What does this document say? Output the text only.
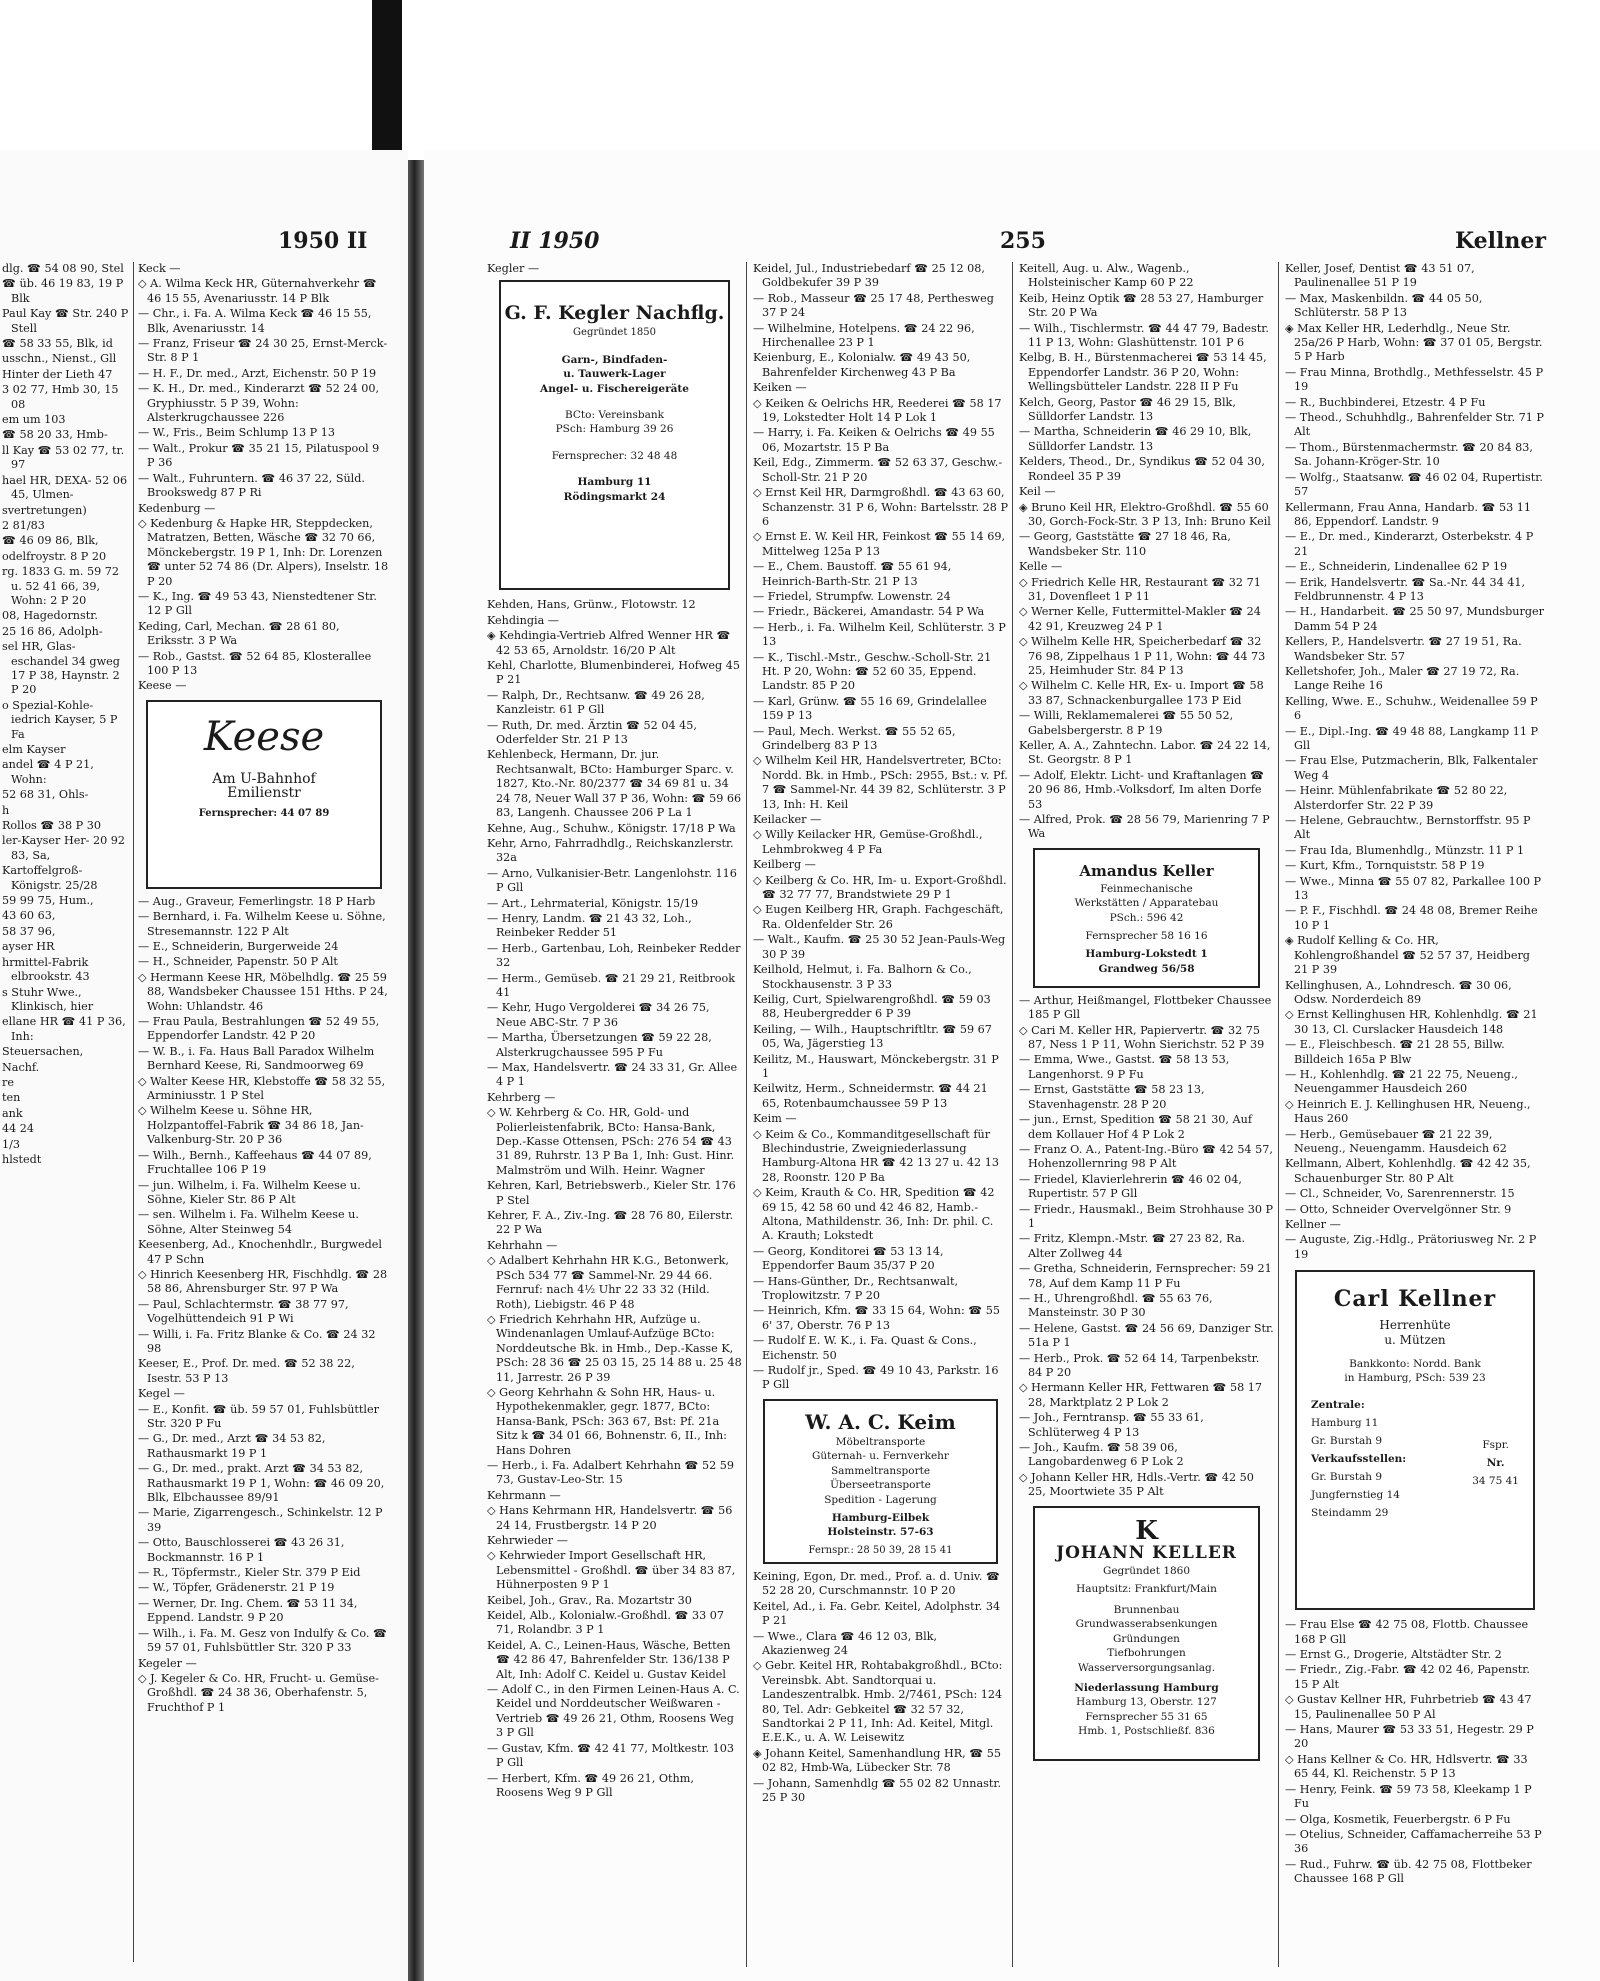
1950 II
dlg. ☎ 54 08 90, Stel
☎ üb. 46 19 83, 19 P Blk
Paul Kay ☎ Str. 240 P Stell
☎ 58 33 55, Blk, id
usschn., Nienst., Gll
Hinter der Lieth 47
3 02 77, Hmb 30, 15 08
em um 103
☎ 58 20 33, Hmb-
ll Kay ☎ 53 02 77, tr. 97
hael HR, DEXA- 52 06 45, Ulmen-
svertretungen)
2 81/83
☎ 46 09 86, Blk,
odelfroystr. 8 P 20
rg. 1833 G. m. 59 72 u. 52 41 66, 39, Wohn: 2 P 20
08, Hagedornstr.
25 16 86, Adolph-
sel HR, Glas- eschandel 34 gweg 17 P 38, Haynstr. 2 P 20
o Spezial-Kohle- iedrich Kayser, 5 P Fa
elm Kayser
andel ☎ 4 P 21, Wohn:
52 68 31, Ohls-
h
Rollos ☎ 38 P 30
ler-Kayser Her- 20 92 83, Sa,
Kartoffelgroß- Königstr. 25/28
59 99 75, Hum.,
43 60 63,
58 37 96,
ayser HR
hrmittel-Fabrik elbrookstr. 43
s Stuhr Wwe., Klinkisch, hier
ellane HR ☎ 41 P 36, Inh:
Steuersachen,
Nachf.
re
ten
ank
44 24
1/3
hlstedt
Keck —
◇ A. Wilma Keck HR, Güternahverkehr ☎ 46 15 55, Avenariusstr. 14 P Blk
— Chr., i. Fa. A. Wilma Keck ☎ 46 15 55, Blk, Avenariusstr. 14
— Franz, Friseur ☎ 24 30 25, Ernst-Merck-Str. 8 P 1
— H. F., Dr. med., Arzt, Eichenstr. 50 P 19
— K. H., Dr. med., Kinderarzt ☎ 52 24 00, Gryphiusstr. 5 P 39, Wohn: Alsterkrugchaussee 226
— W., Fris., Beim Schlump 13 P 13
— Walt., Prokur ☎ 35 21 15, Pilatuspool 9 P 36
— Walt., Fuhruntern. ☎ 46 37 22, Süld. Brookswedg 87 P Ri
Kedenburg —
◇ Kedenburg & Hapke HR, Steppdecken, Matratzen, Betten, Wäsche ☎ 32 70 66, Mönckebergstr. 19 P 1, Inh: Dr. Lorenzen ☎ unter 52 74 86 (Dr. Alpers), Inselstr. 18 P 20
— K., Ing. ☎ 49 53 43, Nienstedtener Str. 12 P Gll
Keding, Carl, Mechan. ☎ 28 61 80, Eriksstr. 3 P Wa
— Rob., Gastst. ☎ 52 64 85, Klosterallee 100 P 13
Keese —
Keese
Am U-Bahnhof
Emilienstr
Fernsprecher: 44 07 89
— Aug., Graveur, Femerlingstr. 18 P Harb
— Bernhard, i. Fa. Wilhelm Keese u. Söhne, Stresemannstr. 122 P Alt
— E., Schneiderin, Burgerweide 24
— H., Schneider, Papenstr. 50 P Alt
◇ Hermann Keese HR, Möbelhdlg. ☎ 25 59 88, Wandsbeker Chaussee 151 Hths. P 24, Wohn: Uhlandstr. 46
— Frau Paula, Bestrahlungen ☎ 52 49 55, Eppendorfer Landstr. 42 P 20
— W. B., i. Fa. Haus Ball Paradox Wilhelm Bernhard Keese, Ri, Sandmoorweg 69
◇ Walter Keese HR, Klebstoffe ☎ 58 32 55, Arminiusstr. 1 P Stel
◇ Wilhelm Keese u. Söhne HR, Holzpantoffel-Fabrik ☎ 34 86 18, Jan-Valkenburg-Str. 20 P 36
— Wilh., Bernh., Kaffeehaus ☎ 44 07 89, Fruchtallee 106 P 19
— jun. Wilhelm, i. Fa. Wilhelm Keese u. Söhne, Kieler Str. 86 P Alt
— sen. Wilhelm i. Fa. Wilhelm Keese u. Söhne, Alter Steinweg 54
Keesenberg, Ad., Knochenhdlr., Burgwedel 47 P Schn
◇ Hinrich Keesenberg HR, Fischhdlg. ☎ 28 58 86, Ahrensburger Str. 97 P Wa
— Paul, Schlachtermstr. ☎ 38 77 97, Vogelhüttendeich 91 P Wi
— Willi, i. Fa. Fritz Blanke & Co. ☎ 24 32 98
Keeser, E., Prof. Dr. med. ☎ 52 38 22, Isestr. 53 P 13
Kegel —
— E., Konfit. ☎ üb. 59 57 01, Fuhlsbüttler Str. 320 P Fu
— G., Dr. med., Arzt ☎ 34 53 82, Rathausmarkt 19 P 1
— G., Dr. med., prakt. Arzt ☎ 34 53 82, Rathausmarkt 19 P 1, Wohn: ☎ 46 09 20, Blk, Elbchaussee 89/91
— Marie, Zigarrengesch., Schinkelstr. 12 P 39
— Otto, Bauschlosserei ☎ 43 26 31, Bockmannstr. 16 P 1
— R., Töpfermstr., Kieler Str. 379 P Eid
— W., Töpfer, Grädenerstr. 21 P 19
— Werner, Dr. Ing. Chem. ☎ 53 11 34, Eppend. Landstr. 9 P 20
— Wilh., i. Fa. M. Gesz von Indulfy & Co. ☎ 59 57 01, Fuhlsbüttler Str. 320 P 33
Kegeler —
◇ J. Kegeler & Co. HR, Frucht- u. Gemüse-Großhdl. ☎ 24 38 36, Oberhafenstr. 5, Fruchthof P 1
II 1950	255	Kellner
Kegler —
G. F. Kegler Nachflg.
Gegründet 1850
Garn-, Bindfaden-
u. Tauwerk-Lager
Angel- u. Fischereigeräte
BCto: Vereinsbank
PSch: Hamburg 39 26
Fernsprecher: 32 48 48
Hamburg 11
Rödingsmarkt 24
Kehden, Hans, Grünw., Flotowstr. 12
Kehdingia —
◈ Kehdingia-Vertrieb Alfred Wenner HR ☎ 42 53 65, Arnoldstr. 16/20 P Alt
Kehl, Charlotte, Blumenbinderei, Hofweg 45 P 21
— Ralph, Dr., Rechtsanw. ☎ 49 26 28, Kanzleistr. 61 P Gll
— Ruth, Dr. med. Ärztin ☎ 52 04 45, Oderfelder Str. 21 P 13
Kehlenbeck, Hermann, Dr. jur. Rechtsanwalt, BCto: Hamburger Sparc. v. 1827, Kto.-Nr. 80/2377 ☎ 34 69 81 u. 34 24 78, Neuer Wall 37 P 36, Wohn: ☎ 59 66 83, Langenh. Chaussee 206 P La 1
Kehne, Aug., Schuhw., Königstr. 17/18 P Wa
Kehr, Arno, Fahrradhdlg., Reichskanzlerstr. 32a
— Arno, Vulkanisier-Betr. Langenlohstr. 116 P Gll
— Art., Lehrmaterial, Königstr. 15/19
— Henry, Landm. ☎ 21 43 32, Loh., Reinbeker Redder 51
— Herb., Gartenbau, Loh, Reinbeker Redder 32
— Herm., Gemüseb. ☎ 21 29 21, Reitbrook 41
— Kehr, Hugo Vergolderei ☎ 34 26 75, Neue ABC-Str. 7 P 36
— Martha, Übersetzungen ☎ 59 22 28, Alsterkrugchaussee 595 P Fu
— Max, Handelsvertr. ☎ 24 33 31, Gr. Allee 4 P 1
Kehrberg —
◇ W. Kehrberg & Co. HR, Gold- und Polierleistenfabrik, BCto: Hansa-Bank, Dep.-Kasse Ottensen, PSch: 276 54 ☎ 43 31 89, Ruhrstr. 13 P Ba 1, Inh: Gust. Hinr. Malmström und Wilh. Heinr. Wagner
Kehren, Karl, Betriebswerb., Kieler Str. 176 P Stel
Kehrer, F. A., Ziv.-Ing. ☎ 28 76 80, Eilerstr. 22 P Wa
Kehrhahn —
◇ Adalbert Kehrhahn HR K.G., Betonwerk, PSch 534 77 ☎ Sammel-Nr. 29 44 66. Fernruf: nach 4½ Uhr 22 33 32 (Hild. Roth), Liebigstr. 46 P 48
◇ Friedrich Kehrhahn HR, Aufzüge u. Windenanlagen Umlauf-Aufzüge BCto: Norddeutsche Bk. in Hmb., Dep.-Kasse K, PSch: 28 36 ☎ 25 03 15, 25 14 88 u. 25 48 11, Jarrestr. 26 P 39
◇ Georg Kehrhahn & Sohn HR, Haus- u. Hypothekenmakler, gegr. 1877, BCto: Hansa-Bank, PSch: 363 67, Bst: Pf. 21a Sitz k ☎ 34 01 66, Bohnenstr. 6, II., Inh: Hans Dohren
— Herb., i. Fa. Adalbert Kehrhahn ☎ 52 59 73, Gustav-Leo-Str. 15
Kehrmann —
◇ Hans Kehrmann HR, Handelsvertr. ☎ 56 24 14, Frustbergstr. 14 P 20
Kehrwieder —
◇ Kehrwieder Import Gesellschaft HR, Lebensmittel - Großhdl. ☎ über 34 83 87, Hühnerposten 9 P 1
Keibel, Joh., Grav., Ra. Mozartstr 30
Keidel, Alb., Kolonialw.-Großhdl. ☎ 33 07 71, Rolandbr. 3 P 1
Keidel, A. C., Leinen-Haus, Wäsche, Betten ☎ 42 86 47, Bahrenfelder Str. 136/138 P Alt, Inh: Adolf C. Keidel u. Gustav Keidel
— Adolf C., in den Firmen Leinen-Haus A. C. Keidel und Norddeutscher Weißwaren - Vertrieb ☎ 49 26 21, Othm, Roosens Weg 3 P Gll
— Gustav, Kfm. ☎ 42 41 77, Moltkestr. 103 P Gll
— Herbert, Kfm. ☎ 49 26 21, Othm, Roosens Weg 9 P Gll
Keidel, Jul., Industriebedarf ☎ 25 12 08, Goldbekufer 39 P 39
— Rob., Masseur ☎ 25 17 48, Perthesweg 37 P 24
— Wilhelmine, Hotelpens. ☎ 24 22 96, Hirchenallee 23 P 1
Keienburg, E., Kolonialw. ☎ 49 43 50, Bahrenfelder Kirchenweg 43 P Ba
Keiken —
◇ Keiken & Oelrichs HR, Reederei ☎ 58 17 19, Lokstedter Holt 14 P Lok 1
— Harry, i. Fa. Keiken & Oelrichs ☎ 49 55 06, Mozartstr. 15 P Ba
Keil, Edg., Zimmerm. ☎ 52 63 37, Geschw.-Scholl-Str. 21 P 20
◇ Ernst Keil HR, Darmgroßhdl. ☎ 43 63 60, Schanzenstr. 31 P 6, Wohn: Bartelsstr. 28 P 6
◇ Ernst E. W. Keil HR, Feinkost ☎ 55 14 69, Mittelweg 125a P 13
— E., Chem. Baustoff. ☎ 55 61 94, Heinrich-Barth-Str. 21 P 13
— Friedel, Strumpfw. Lowenstr. 24
— Friedr., Bäckerei, Amandastr. 54 P Wa
— Herb., i. Fa. Wilhelm Keil, Schlüterstr. 3 P 13
— K., Tischl.-Mstr., Geschw.-Scholl-Str. 21 Ht. P 20, Wohn: ☎ 52 60 35, Eppend. Landstr. 85 P 20
— Karl, Grünw. ☎ 55 16 69, Grindelallee 159 P 13
— Paul, Mech. Werkst. ☎ 55 52 65, Grindelberg 83 P 13
◇ Wilhelm Keil HR, Handelsvertreter, BCto: Nordd. Bk. in Hmb., PSch: 2955, Bst.: v. Pf. 7 ☎ Sammel-Nr. 44 39 82, Schlüterstr. 3 P 13, Inh: H. Keil
Keilacker —
◇ Willy Keilacker HR, Gemüse-Großhdl., Lehmbrokweg 4 P Fa
Keilberg —
◇ Keilberg & Co. HR, Im- u. Export-Großhdl. ☎ 32 77 77, Brandstwiete 29 P 1
◇ Eugen Keilberg HR, Graph. Fachgeschäft, Ra. Oldenfelder Str. 26
— Walt., Kaufm. ☎ 25 30 52 Jean-Pauls-Weg 30 P 39
Keilhold, Helmut, i. Fa. Balhorn & Co., Stockhausenstr. 3 P 33
Keilig, Curt, Spielwarengroßhdl. ☎ 59 03 88, Heubergredder 6 P 39
Keiling, — Wilh., Hauptschriftltr. ☎ 59 67 05, Wa, Jägerstieg 13
Keilitz, M., Hauswart, Mönckebergstr. 31 P 1
Keilwitz, Herm., Schneidermstr. ☎ 44 21 65, Rotenbaumchaussee 59 P 13
Keim —
◇ Keim & Co., Kommanditgesellschaft für Blechindustrie, Zweigniederlassung Hamburg-Altona HR ☎ 42 13 27 u. 42 13 28, Roonstr. 120 P Ba
◇ Keim, Krauth & Co. HR, Spedition ☎ 42 69 15, 42 58 60 und 42 46 82, Hamb.-Altona, Mathildenstr. 36, Inh: Dr. phil. C. A. Krauth; Lokstedt
— Georg, Konditorei ☎ 53 13 14, Eppendorfer Baum 35/37 P 20
— Hans-Günther, Dr., Rechtsanwalt, Troplowitzstr. 7 P 20
— Heinrich, Kfm. ☎ 33 15 64, Wohn: ☎ 55 6' 37, Oberstr. 76 P 13
— Rudolf E. W. K., i. Fa. Quast & Cons., Eichenstr. 50
— Rudolf jr., Sped. ☎ 49 10 43, Parkstr. 16 P Gll
W. A. C. Keim
Möbeltransporte
Güternah- u. Fernverkehr
Sammeltransporte
Überseetransporte
Spedition - Lagerung
Hamburg-Eilbek
Holsteinstr. 57-63
Fernspr.: 28 50 39, 28 15 41
Keining, Egon, Dr. med., Prof. a. d. Univ. ☎ 52 28 20, Curschmannstr. 10 P 20
Keitel, Ad., i. Fa. Gebr. Keitel, Adolphstr. 34 P 21
— Wwe., Clara ☎ 46 12 03, Blk, Akazienweg 24
◇ Gebr. Keitel HR, Rohtabakgroßhdl., BCto: Vereinsbk. Abt. Sandtorquai u. Landeszentralbk. Hmb. 2/7461, PSch: 124 80, Tel. Adr: Gebkeitel ☎ 32 57 32, Sandtorkai 2 P 11, Inh: Ad. Keitel, Mitgl. E.E.K., u. A. W. Leisewitz
◈ Johann Keitel, Samenhandlung HR, ☎ 55 02 82, Hmb-Wa, Lübecker Str. 78
— Johann, Samenhdlg ☎ 55 02 82 Unnastr. 25 P 30
Keitell, Aug. u. Alw., Wagenb., Holsteinischer Kamp 60 P 22
Keib, Heinz Optik ☎ 28 53 27, Hamburger Str. 20 P Wa
— Wilh., Tischlermstr. ☎ 44 47 79, Badestr. 11 P 13, Wohn: Glashüttenstr. 101 P 6
Kelbg, B. H., Bürstenmacherei ☎ 53 14 45, Eppendorfer Landstr. 36 P 20, Wohn: Wellingsbütteler Landstr. 228 II P Fu
Kelch, Georg, Pastor ☎ 46 29 15, Blk, Sülldorfer Landstr. 13
— Martha, Schneiderin ☎ 46 29 10, Blk, Sülldorfer Landstr. 13
Kelders, Theod., Dr., Syndikus ☎ 52 04 30, Rondeel 35 P 39
Keil —
◈ Bruno Keil HR, Elektro-Großhdl. ☎ 55 60 30, Gorch-Fock-Str. 3 P 13, Inh: Bruno Keil
— Georg, Gaststätte ☎ 27 18 46, Ra, Wandsbeker Str. 110
Kelle —
◇ Friedrich Kelle HR, Restaurant ☎ 32 71 31, Dovenfleet 1 P 11
◇ Werner Kelle, Futtermittel-Makler ☎ 24 42 91, Kreuzweg 24 P 1
◇ Wilhelm Kelle HR, Speicherbedarf ☎ 32 76 98, Zippelhaus 1 P 11, Wohn: ☎ 44 73 25, Heimhuder Str. 84 P 13
◇ Wilhelm C. Kelle HR, Ex- u. Import ☎ 58 33 87, Schnackenburgallee 173 P Eid
— Willi, Reklamemalerei ☎ 55 50 52, Gabelsbergerstr. 8 P 19
Keller, A. A., Zahntechn. Labor. ☎ 24 22 14, St. Georgstr. 8 P 1
— Adolf, Elektr. Licht- und Kraftanlagen ☎ 20 96 86, Hmb.-Volksdorf, Im alten Dorfe 53
— Alfred, Prok. ☎ 28 56 79, Marienring 7 P Wa
Amandus Keller
Feinmechanische
Werkstätten / Apparatebau
PSch.: 596 42
Fernsprecher 58 16 16
Hamburg-Lokstedt 1
Grandweg 56/58
— Arthur, Heißmangel, Flottbeker Chaussee 185 P Gll
◇ Cari M. Keller HR, Papiervertr. ☎ 32 75 87, Ness 1 P 11, Wohn Sierichstr. 52 P 39
— Emma, Wwe., Gastst. ☎ 58 13 53, Langenhorst. 9 P Fu
— Ernst, Gaststätte ☎ 58 23 13, Stavenhagenstr. 28 P 20
— jun., Ernst, Spedition ☎ 58 21 30, Auf dem Kollauer Hof 4 P Lok 2
— Franz O. A., Patent-Ing.-Büro ☎ 42 54 57, Hohenzollernring 98 P Alt
— Friedel, Klavierlehrerin ☎ 46 02 04, Rupertistr. 57 P Gll
— Friedr., Hausmakl., Beim Strohhause 30 P 1
— Fritz, Klempn.-Mstr. ☎ 27 23 82, Ra. Alter Zollweg 44
— Gretha, Schneiderin, Fernsprecher: 59 21 78, Auf dem Kamp 11 P Fu
— H., Uhrengroßhdl. ☎ 55 63 76, Mansteinstr. 30 P 30
— Helene, Gastst. ☎ 24 56 69, Danziger Str. 51a P 1
— Herb., Prok. ☎ 52 64 14, Tarpenbekstr. 84 P 20
◇ Hermann Keller HR, Fettwaren ☎ 58 17 28, Marktplatz 2 P Lok 2
— Joh., Ferntransp. ☎ 55 33 61, Schlüterweg 4 P 13
— Joh., Kaufm. ☎ 58 39 06, Langobardenweg 6 P Lok 2
◇ Johann Keller HR, Hdls.-Vertr. ☎ 42 50 25, Moortwiete 35 P Alt
K
JOHANN KELLER
Gegründet 1860
Hauptsitz: Frankfurt/Main
Brunnenbau
Grundwasserabsenkungen
Gründungen
Tiefbohrungen
Wasserversorgungsanlag.
Niederlassung Hamburg
Hamburg 13, Oberstr. 127
Fernsprecher 55 31 65
Hmb. 1, Postschließf. 836
Keller, Josef, Dentist ☎ 43 51 07, Paulinenallee 51 P 19
— Max, Maskenbildn. ☎ 44 05 50, Schlüterstr. 58 P 13
◈ Max Keller HR, Lederhdlg., Neue Str. 25a/26 P Harb, Wohn: ☎ 37 01 05, Bergstr. 5 P Harb
— Frau Minna, Brothdlg., Methfesselstr. 45 P 19
— R., Buchbinderei, Etzestr. 4 P Fu
— Theod., Schuhhdlg., Bahrenfelder Str. 71 P Alt
— Thom., Bürstenmachermstr. ☎ 20 84 83, Sa. Johann-Kröger-Str. 10
— Wolfg., Staatsanw. ☎ 46 02 04, Rupertistr. 57
Kellermann, Frau Anna, Handarb. ☎ 53 11 86, Eppendorf. Landstr. 9
— E., Dr. med., Kinderarzt, Osterbekstr. 4 P 21
— E., Schneiderin, Lindenallee 62 P 19
— Erik, Handelsvertr. ☎ Sa.-Nr. 44 34 41, Feldbrunnenstr. 4 P 13
— H., Handarbeit. ☎ 25 50 97, Mundsburger Damm 54 P 24
Kellers, P., Handelsvertr. ☎ 27 19 51, Ra. Wandsbeker Str. 57
Kelletshofer, Joh., Maler ☎ 27 19 72, Ra. Lange Reihe 16
Kelling, Wwe. E., Schuhw., Weidenallee 59 P 6
— E., Dipl.-Ing. ☎ 49 48 88, Langkamp 11 P Gll
— Frau Else, Putzmacherin, Blk, Falkentaler Weg 4
— Heinr. Mühlenfabrikate ☎ 52 80 22, Alsterdorfer Str. 22 P 39
— Helene, Gebrauchtw., Bernstorffstr. 95 P Alt
— Frau Ida, Blumenhdlg., Münzstr. 11 P 1
— Kurt, Kfm., Tornquiststr. 58 P 19
— Wwe., Minna ☎ 55 07 82, Parkallee 100 P 13
— P. F., Fischhdl. ☎ 24 48 08, Bremer Reihe 10 P 1
◈ Rudolf Kelling & Co. HR, Kohlengroßhandel ☎ 52 57 37, Heidberg 21 P 39
Kellinghusen, A., Lohndresch. ☎ 30 06, Odsw. Norderdeich 89
◇ Ernst Kellinghusen HR, Kohlenhdlg. ☎ 21 30 13, Cl. Curslacker Hausdeich 148
— E., Fleischbesch. ☎ 21 28 55, Billw. Billdeich 165a P Blw
— H., Kohlenhdlg. ☎ 21 22 75, Neueng., Neuengammer Hausdeich 260
◇ Heinrich E. J. Kellinghusen HR, Neueng., Haus 260
— Herb., Gemüsebauer ☎ 21 22 39, Neueng., Neuengamm. Hausdeich 62
Kellmann, Albert, Kohlenhdlg. ☎ 42 42 35, Schauenburger Str. 80 P Alt
— Cl., Schneider, Vo, Sarenrennerstr. 15
— Otto, Schneider Overvelgönner Str. 9
Kellner —
— Auguste, Zig.-Hdlg., Prätoriusweg Nr. 2 P 19
Carl Kellner
Herrenhüte
u. Mützen
Bankkonto: Nordd. Bank
in Hamburg, PSch: 539 23
Zentrale:
Hamburg 11
Gr. Burstah 9
Verkaufsstellen:
Gr. Burstah 9
Jungfernstieg 14
Steindamm 29
Fspr.
Nr.
34 75 41
— Frau Else ☎ 42 75 08, Flottb. Chaussee 168 P Gll
— Ernst G., Drogerie, Altstädter Str. 2
— Friedr., Zig.-Fabr. ☎ 42 02 46, Papenstr. 15 P Alt
◇ Gustav Kellner HR, Fuhrbetrieb ☎ 43 47 15, Paulinenallee 50 P Al
— Hans, Maurer ☎ 53 33 51, Hegestr. 29 P 20
◇ Hans Kellner & Co. HR, Hdlsvertr. ☎ 33 65 44, Kl. Reichenstr. 5 P 13
— Henry, Feink. ☎ 59 73 58, Kleekamp 1 P Fu
— Olga, Kosmetik, Feuerbergstr. 6 P Fu
— Otelius, Schneider, Caffamacherreihe 53 P 36
— Rud., Fuhrw. ☎ üb. 42 75 08, Flottbeker Chaussee 168 P Gll
